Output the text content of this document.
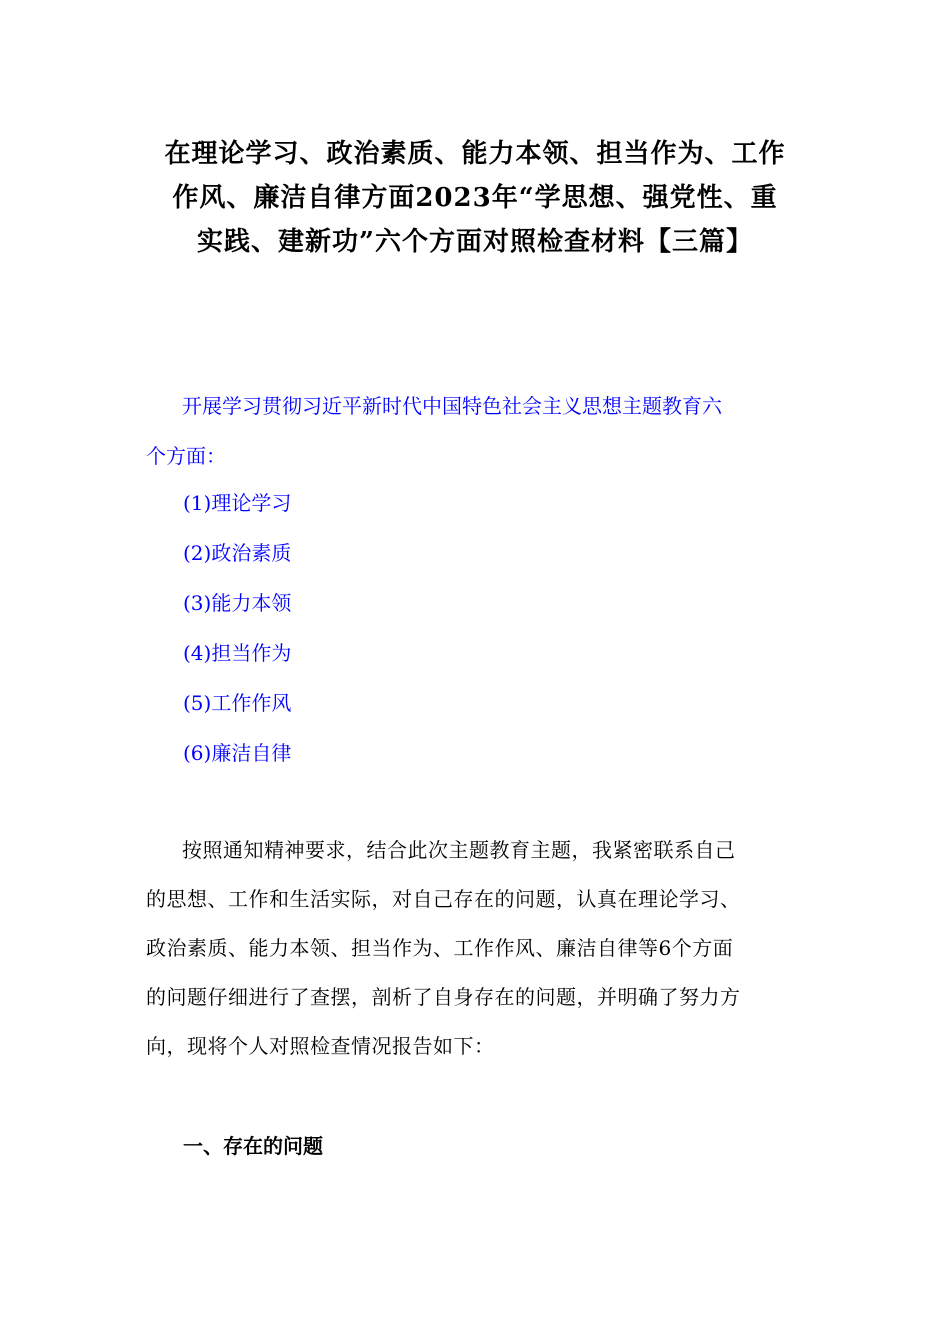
在理论学习、政治素质、能力本领、担当作为、工作
作风、廉洁自律方面2023年“学思想、强党性、重
实践、建新功”六个方面对照检查材料【三篇】
开展学习贯彻习近平新时代中国特色社会主义思想主题教育六
个方面：
(1)理论学习
(2)政治素质
(3)能力本领
(4)担当作为
(5)工作作风
(6)廉洁自律
按照通知精神要求，结合此次主题教育主题，我紧密联系自己
的思想、工作和生活实际，对自己存在的问题，认真在理论学习、
政治素质、能力本领、担当作为、工作作风、廉洁自律等6个方面
的问题仔细进行了查摆，剖析了自身存在的问题，并明确了努力方
向，现将个人对照检查情况报告如下：
一、存在的问题
